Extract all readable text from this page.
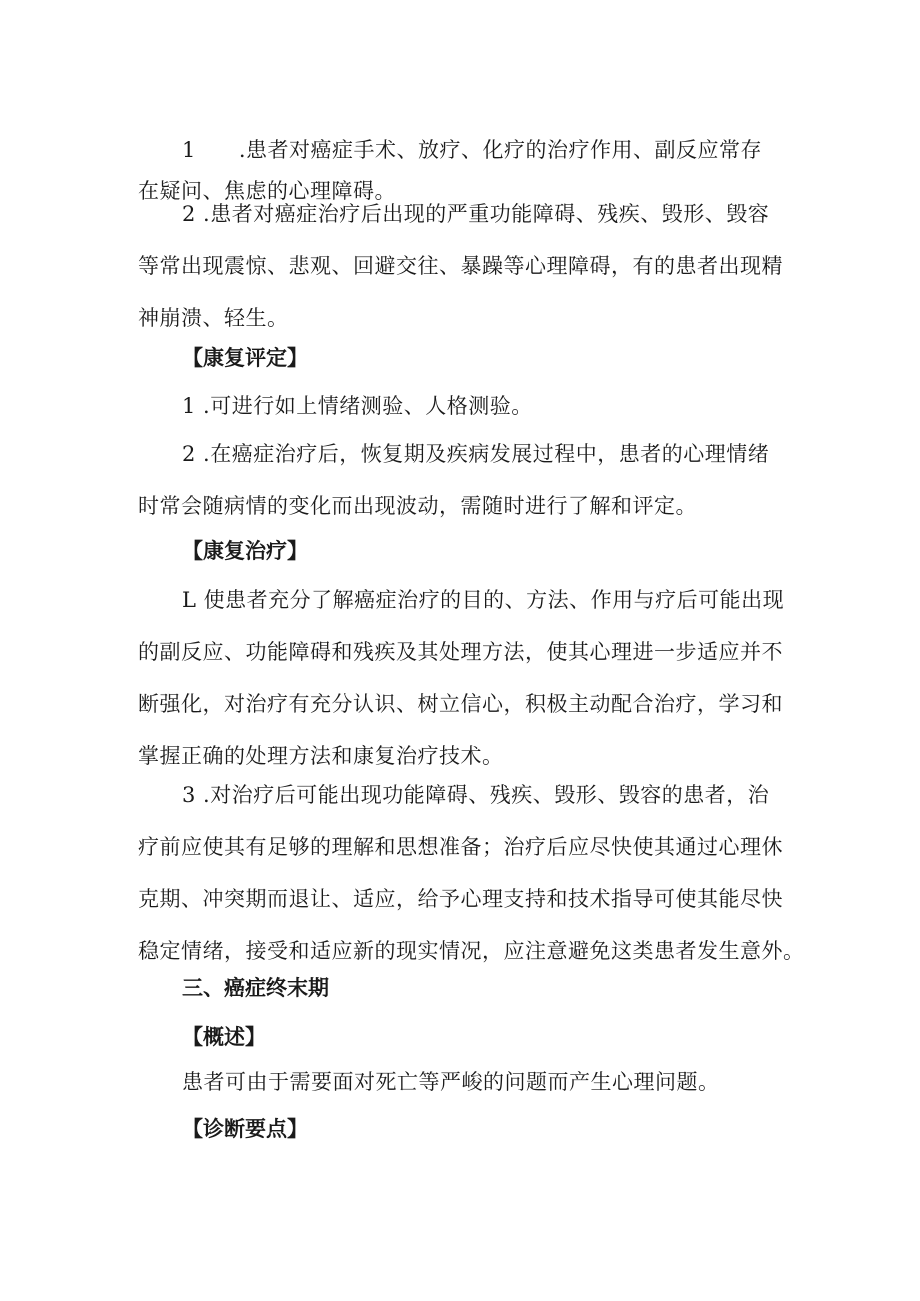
1　　.患者对癌症手术、放疗、化疗的治疗作用、副反应常存
在疑问、焦虑的心理障碍。
2 .患者对癌症治疗后出现的严重功能障碍、残疾、毁形、毁容
等常出现震惊、悲观、回避交往、暴躁等心理障碍，有的患者出现精
神崩溃、轻生。
【康复评定】
1 .可进行如上情绪测验、人格测验。
2 .在癌症治疗后，恢复期及疾病发展过程中，患者的心理情绪
时常会随病情的变化而出现波动，需随时进行了解和评定。
【康复治疗】
L 使患者充分了解癌症治疗的目的、方法、作用与疗后可能出现
的副反应、功能障碍和残疾及其处理方法，使其心理进一步适应并不
断强化，对治疗有充分认识、树立信心，积极主动配合治疗，学习和
掌握正确的处理方法和康复治疗技术。
3 .对治疗后可能出现功能障碍、残疾、毁形、毁容的患者，治
疗前应使其有足够的理解和思想准备；治疗后应尽快使其通过心理休
克期、冲突期而退让、适应，给予心理支持和技术指导可使其能尽快
稳定情绪，接受和适应新的现实情况，应注意避免这类患者发生意外。
三、癌症终末期
【概述】
患者可由于需要面对死亡等严峻的问题而产生心理问题。
【诊断要点】
